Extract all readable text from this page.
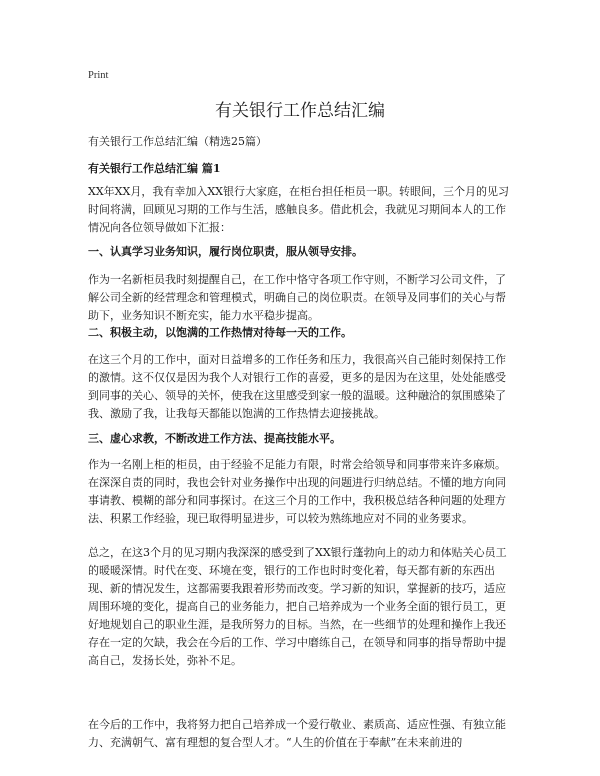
Print
有关银行工作总结汇编
有关银行工作总结汇编（精选25篇）
有关银行工作总结汇编 篇1

XX年XX月，我有幸加入XX银行大家庭，在柜台担任柜员一职。转眼间，三个月的见习时间将满，回顾见习期的工作与生活，感触良多。借此机会，我就见习期间本人的工作情况向各位领导做如下汇报：

一、认真学习业务知识，履行岗位职责，服从领导安排。

作为一名新柜员我时刻提醒自己，在工作中恪守各项工作守则，不断学习公司文件，了解公司全新的经营理念和管理模式，明确自己的岗位职责。在领导及同事们的关心与帮助下，业务知识不断充实，能力水平稳步提高。

二、积极主动，以饱满的工作热情对待每一天的工作。

在这三个月的工作中，面对日益增多的工作任务和压力，我很高兴自己能时刻保持工作的激情。这不仅仅是因为我个人对银行工作的喜爱，更多的是因为在这里，处处能感受到同事的关心、领导的关怀，使我在这里感受到家一般的温暖。这种融洽的氛围感染了我、激励了我，让我每天都能以饱满的工作热情去迎接挑战。

三、虚心求教，不断改进工作方法、提高技能水平。

作为一名刚上柜的柜员，由于经验不足能力有限，时常会给领导和同事带来许多麻烦。在深深自责的同时，我也会针对业务操作中出现的问题进行归纳总结。不懂的地方向同事请教、模糊的部分和同事探讨。在这三个月的工作中，我积极总结各种问题的处理方法、积累工作经验，现已取得明显进步，可以较为熟练地应对不同的业务要求。

总之，在这3个月的见习期内我深深的感受到了XX银行蓬勃向上的动力和体贴关心员工的暖暖深情。时代在变、环境在变，银行的工作也时时变化着，每天都有新的东西出现、新的情况发生，这都需要我跟着形势而改变。学习新的知识，掌握新的技巧，适应周围环境的变化，提高自己的业务能力，把自己培养成为一个业务全面的银行员工，更好地规划自己的职业生涯，是我所努力的目标。当然，在一些细节的处理和操作上我还存在一定的欠缺，我会在今后的工作、学习中磨练自己，在领导和同事的指导帮助中提高自己，发扬长处，弥补不足。

在今后的工作中，我将努力把自己培养成一个爱行敬业、素质高、适应性强、有独立能力、充满朝气、富有理想的复合型人才。“人生的价值在于奉献”在未来前进的
